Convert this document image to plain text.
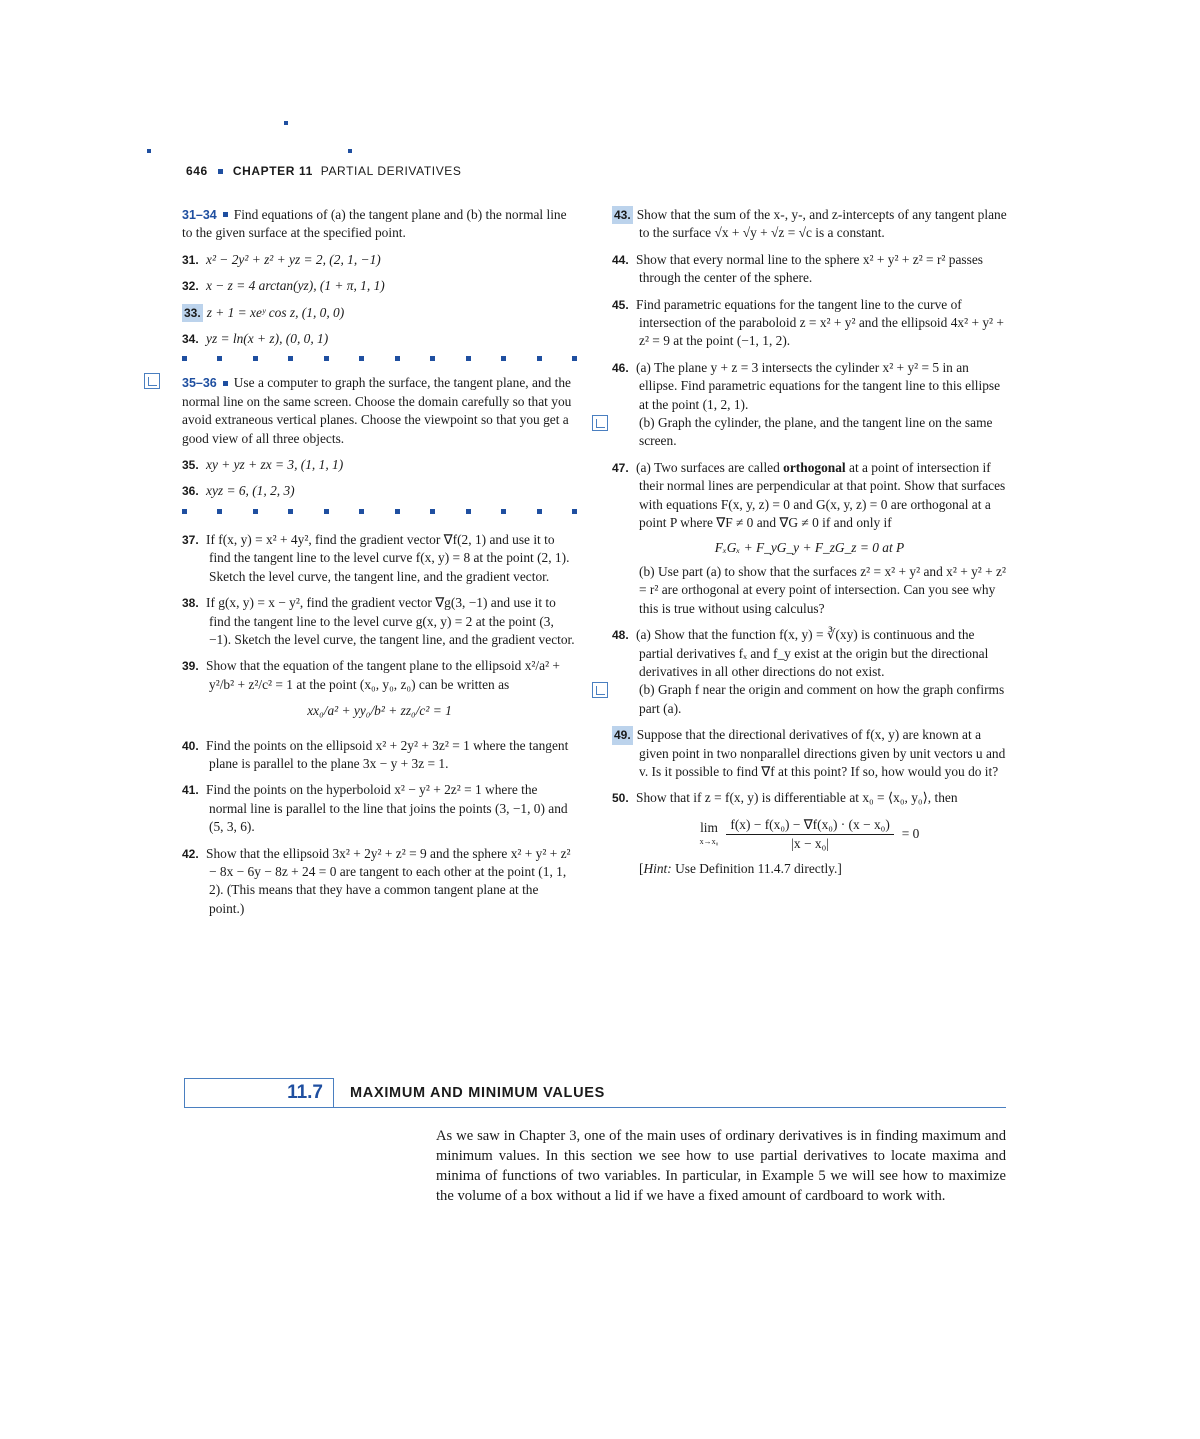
646 CHAPTER 11 PARTIAL DERIVATIVES
31–34 Find equations of (a) the tangent plane and (b) the normal line to the given surface at the specified point.
31. x² − 2y² + z² + yz = 2, (2, 1, −1)
32. x − z = 4 arctan(yz), (1 + π, 1, 1)
33. z + 1 = xeʸ cos z, (1, 0, 0)
34. yz = ln(x + z), (0, 0, 1)
35–36 Use a computer to graph the surface, the tangent plane, and the normal line on the same screen. Choose the domain carefully so that you avoid extraneous vertical planes. Choose the viewpoint so that you get a good view of all three objects.
35. xy + yz + zx = 3, (1, 1, 1)
36. xyz = 6, (1, 2, 3)
37. If f(x, y) = x² + 4y², find the gradient vector ∇f(2, 1) and use it to find the tangent line to the level curve f(x, y) = 8 at the point (2, 1). Sketch the level curve, the tangent line, and the gradient vector.
38. If g(x, y) = x − y², find the gradient vector ∇g(3, −1) and use it to find the tangent line to the level curve g(x, y) = 2 at the point (3, −1). Sketch the level curve, the tangent line, and the gradient vector.
39. Show that the equation of the tangent plane to the ellipsoid x²/a² + y²/b² + z²/c² = 1 at the point (x₀, y₀, z₀) can be written as
xx₀/a² + yy₀/b² + zz₀/c² = 1
40. Find the points on the ellipsoid x² + 2y² + 3z² = 1 where the tangent plane is parallel to the plane 3x − y + 3z = 1.
41. Find the points on the hyperboloid x² − y² + 2z² = 1 where the normal line is parallel to the line that joins the points (3, −1, 0) and (5, 3, 6).
42. Show that the ellipsoid 3x² + 2y² + z² = 9 and the sphere x² + y² + z² − 8x − 6y − 8z + 24 = 0 are tangent to each other at the point (1, 1, 2). (This means that they have a common tangent plane at the point.)
43. Show that the sum of the x-, y-, and z-intercepts of any tangent plane to the surface √x + √y + √z = √c is a constant.
44. Show that every normal line to the sphere x² + y² + z² = r² passes through the center of the sphere.
45. Find parametric equations for the tangent line to the curve of intersection of the paraboloid z = x² + y² and the ellipsoid 4x² + y² + z² = 9 at the point (−1, 1, 2).
46. (a) The plane y + z = 3 intersects the cylinder x² + y² = 5 in an ellipse. Find parametric equations for the tangent line to this ellipse at the point (1, 2, 1).
(b) Graph the cylinder, the plane, and the tangent line on the same screen.
47. (a) Two surfaces are called orthogonal at a point of intersection if their normal lines are perpendicular at that point. Show that surfaces with equations F(x, y, z) = 0 and G(x, y, z) = 0 are orthogonal at a point P where ∇F ≠ 0 and ∇G ≠ 0 if and only if
FₓGₓ + F_yG_y + F_zG_z = 0 at P
(b) Use part (a) to show that the surfaces z² = x² + y² and x² + y² + z² = r² are orthogonal at every point of intersection. Can you see why this is true without using calculus?
48. (a) Show that the function f(x, y) = ∛(xy) is continuous and the partial derivatives fₓ and f_y exist at the origin but the directional derivatives in all other directions do not exist.
(b) Graph f near the origin and comment on how the graph confirms part (a).
49. Suppose that the directional derivatives of f(x, y) are known at a given point in two nonparallel directions given by unit vectors u and v. Is it possible to find ∇f at this point? If so, how would you do it?
50. Show that if z = f(x, y) is differentiable at x₀ = ⟨x₀, y₀⟩, then
lim
$x\to x_0 \frac{\text{f(x) − f(x₀) − ∇f(x₀) · (x − x₀)}}{\text{|x − x₀|}} = 0$
[Hint: Use Definition 11.4.7 directly.]
11.7 MAXIMUM AND MINIMUM VALUES
As we saw in Chapter 3, one of the main uses of ordinary derivatives is in finding maximum and minimum values. In this section we see how to use partial derivatives to locate maxima and minima of functions of two variables. In particular, in Example 5 we will see how to maximize the volume of a box without a lid if we have a fixed amount of cardboard to work with.
